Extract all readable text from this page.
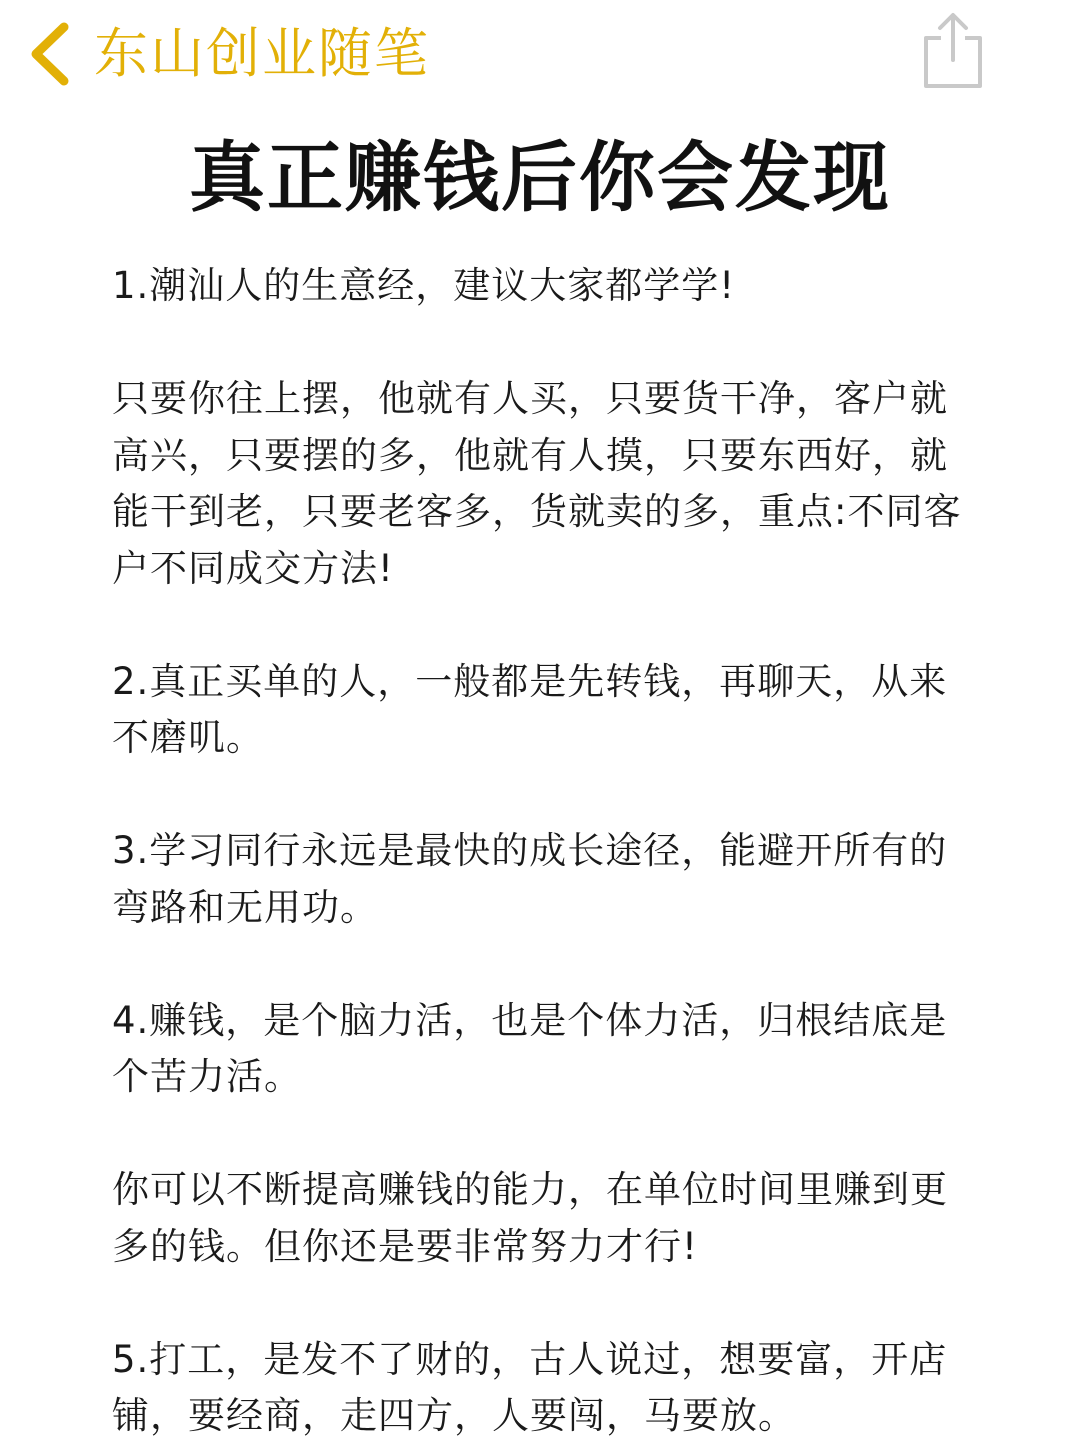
东山创业随笔
真正赚钱后你会发现

1.潮汕人的生意经，建议大家都学学!

只要你往上摆，他就有人买，只要货干净，客户就高兴，只要摆的多，他就有人摸，只要东西好，就能干到老，只要老客多，货就卖的多，重点:不同客户不同成交方法!

2.真正买单的人，一般都是先转钱，再聊天，从来不磨叽。

3.学习同行永远是最快的成长途径，能避开所有的弯路和无用功。

4.赚钱，是个脑力活，也是个体力活，归根结底是个苦力活。

你可以不断提高赚钱的能力，在单位时间里赚到更多的钱。但你还是要非常努力才行!

5.打工，是发不了财的，古人说过，想要富，开店铺，要经商，走四方，人要闯，马要放。
